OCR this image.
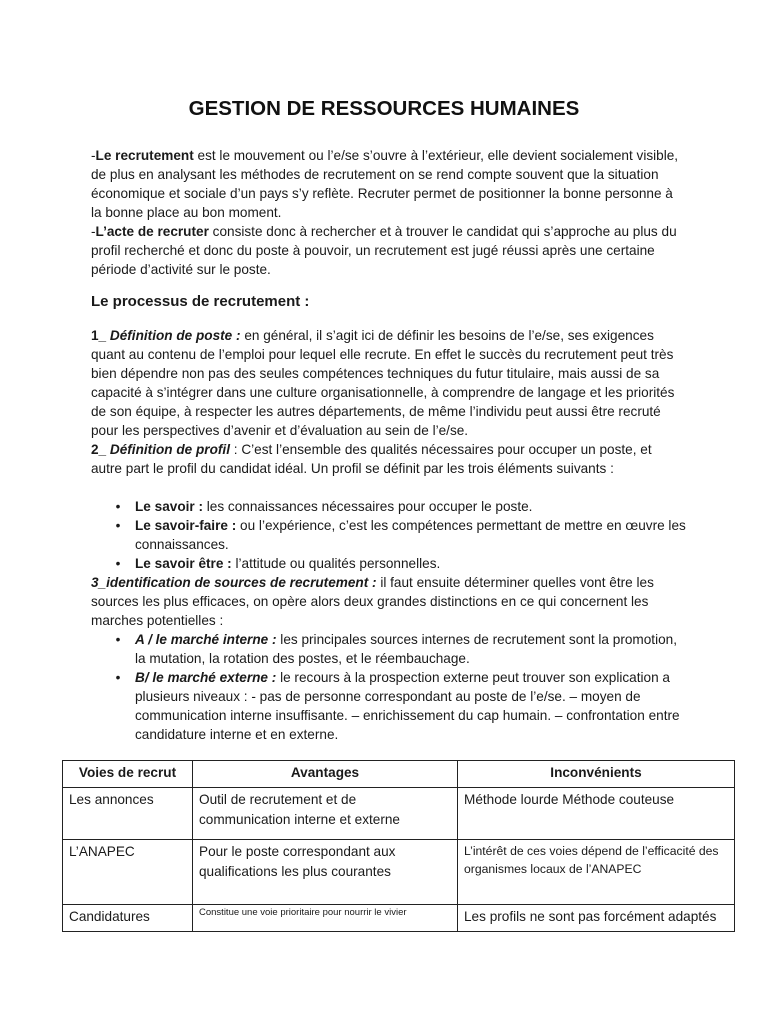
GESTION DE RESSOURCES HUMAINES

-Le recrutement est le mouvement ou l’e/se s’ouvre à l’extérieur, elle devient socialement visible, de plus en analysant les méthodes de recrutement on se rend compte souvent que la situation économique et sociale d’un pays s’y reflète. Recruter permet de positionner la bonne personne à la bonne place au bon moment.

-L’acte de recruter consiste donc à rechercher et à trouver le candidat qui s’approche au plus du profil recherché et donc du poste à pouvoir, un recrutement est jugé réussi après une certaine période d’activité sur le poste.

Le processus de recrutement :

1_ Définition de poste : en général, il s’agit ici de définir les besoins de l’e/se, ses exigences quant au contenu de l’emploi pour lequel elle recrute. En effet le succès du recrutement peut très bien dépendre non pas des seules compétences techniques du futur titulaire, mais aussi de sa capacité à s’intégrer dans une culture organisationnelle, à comprendre de langage et les priorités de son équipe, à respecter les autres départements, de même l’individu peut aussi être recruté pour les perspectives d’avenir et d’évaluation au sein de l’e/se.

2_ Définition de profil : C’est l’ensemble des qualités nécessaires pour occuper un poste, et autre part le profil du candidat idéal. Un profil se définit par les trois éléments suivants :

• Le savoir : les connaissances nécessaires pour occuper le poste.
• Le savoir-faire : ou l’expérience, c’est les compétences permettant de mettre en œuvre les connaissances.
• Le savoir être : l’attitude ou qualités personnelles.

3_identification de sources de recrutement : il faut ensuite déterminer quelles vont être les sources les plus efficaces, on opère alors deux grandes distinctions en ce qui concernent les marches potentielles :

• A / le marché interne : les principales sources internes de recrutement sont la promotion, la mutation, la rotation des postes, et le réembauchage.
• B/ le marché externe : le recours à la prospection externe peut trouver son explication a plusieurs niveaux : - pas de personne correspondant au poste de l’e/se. – moyen de communication interne insuffisante. – enrichissement du cap humain. – confrontation entre candidature interne et en externe.
Voies de recrut	Avantages	Inconvénients
Les annonces	Outil de recrutement et de communication interne et externe	Méthode lourde Méthode couteuse
L’ANAPEC	Pour le poste correspondant aux qualifications les plus courantes	L’intérêt de ces voies dépend de l’efficacité des organismes locaux de l’ANAPEC
Candidatures	Constitue une voie prioritaire pour nourrir le vivier	Les profils ne sont pas forcément adaptés
